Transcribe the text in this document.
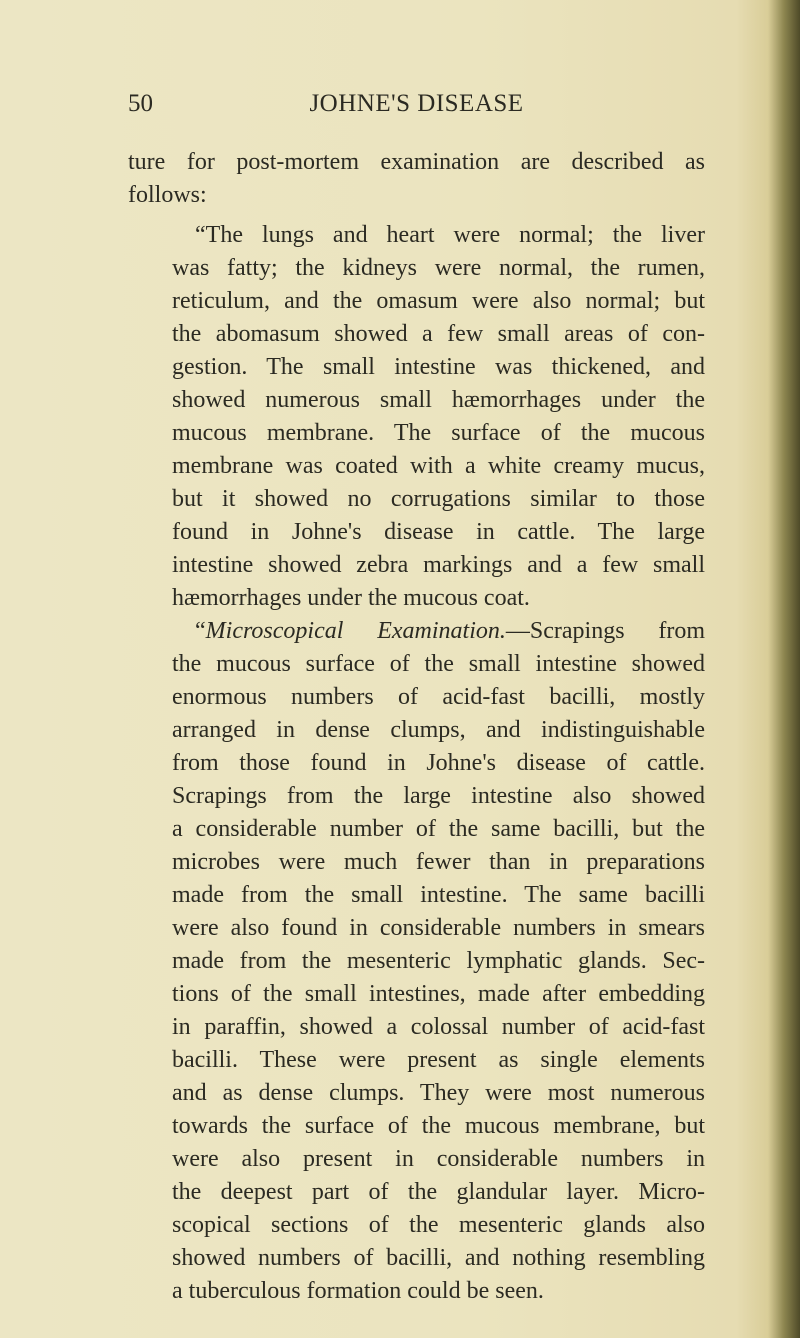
50	JOHNE'S DISEASE
ture for post-mortem examination are described as
follows:
“The lungs and heart were normal; the liver
was fatty; the kidneys were normal, the rumen,
reticulum, and the omasum were also normal; but
the abomasum showed a few small areas of con-
gestion. The small intestine was thickened, and
showed numerous small hæmorrhages under the
mucous membrane. The surface of the mucous
membrane was coated with a white creamy mucus,
but it showed no corrugations similar to those
found in Johne's disease in cattle. The large
intestine showed zebra markings and a few small
hæmorrhages under the mucous coat.
“Microscopical Examination.—Scrapings from
the mucous surface of the small intestine showed
enormous numbers of acid-fast bacilli, mostly
arranged in dense clumps, and indistinguishable
from those found in Johne's disease of cattle.
Scrapings from the large intestine also showed
a considerable number of the same bacilli, but the
microbes were much fewer than in preparations
made from the small intestine. The same bacilli
were also found in considerable numbers in smears
made from the mesenteric lymphatic glands. Sec-
tions of the small intestines, made after embedding
in paraffin, showed a colossal number of acid-fast
bacilli. These were present as single elements
and as dense clumps. They were most numerous
towards the surface of the mucous membrane, but
were also present in considerable numbers in
the deepest part of the glandular layer. Micro-
scopical sections of the mesenteric glands also
showed numbers of bacilli, and nothing resembling
a tuberculous formation could be seen.
